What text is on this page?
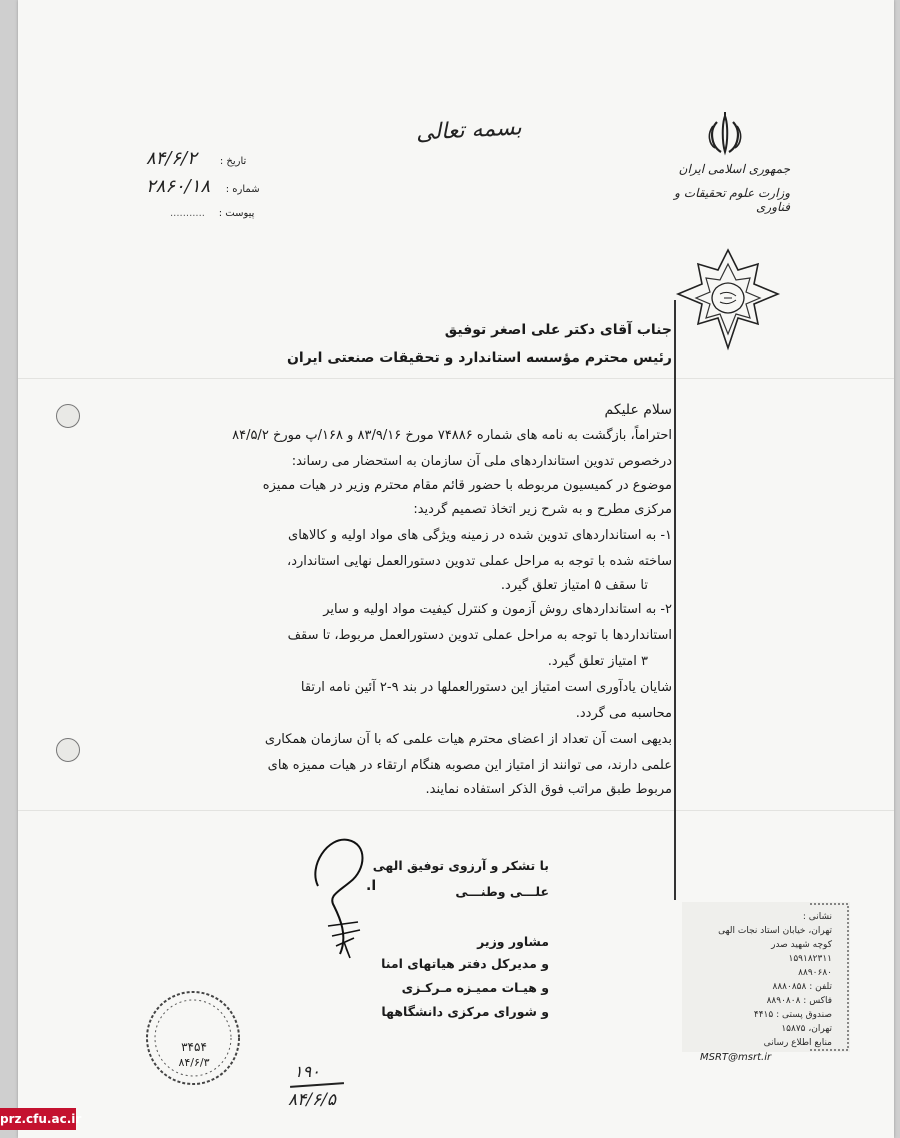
بسمه تعالی
جمهوری اسلامی ایران
وزارت علوم تحقیقات و فناوری
۸۴/۶/۲ تاریخ :
۲۸۶۰/۱۸ شماره :
........... پیوست :
جناب آقای دکتر علی اصغر توفیق
رئیس محترم مؤسسه استاندارد و تحقیقات صنعتی ایران
سلام علیکم
احتراماً، بازگشت به نامه های شماره ۷۴۸۸۶ مورخ ۸۳/۹/۱۶ و ۱۶۸/پ مورخ ۸۴/۵/۲
درخصوص تدوین استانداردهای ملی آن سازمان به استحضار می رساند:
موضوع در کمیسیون مربوطه با حضور قائم مقام محترم وزیر در هیات ممیزه
مرکزی مطرح و به شرح زیر اتخاذ تصمیم گردید:
۱- به استانداردهای تدوین شده در زمینه ویژگی های مواد اولیه و کالاهای
ساخته شده با توجه به مراحل عملی تدوین دستورالعمل نهایی استاندارد،
تا سقف ۵ امتیاز تعلق گیرد.
۲- به استانداردهای روش آزمون و کنترل کیفیت مواد اولیه و سایر
استانداردها با توجه به مراحل عملی تدوین دستورالعمل مربوط، تا سقف
۳ امتیاز تعلق گیرد.
شایان یادآوری است امتیاز این دستورالعملها در بند ۹-۲ آئین نامه ارتقا
محاسبه می گردد.
بدیهی است آن تعداد از اعضای محترم هیات علمی که با آن سازمان همکاری
علمی دارند، می توانند از امتیاز این مصوبه هنگام ارتقاء در هیات ممیزه های
مربوط طبق مراتب فوق الذکر استفاده نمایند.
با تشکر و آرزوی توفیق الهی
علـــی وطنـــی
مشاور وزیر
و مدیرکل دفتر هیاتهای امنا
و هیـات ممیـزه مـرکـزی
و شورای مرکزی دانشگاهها
ا.
۳۴۵۴
۸۴/۶/۳
نشانی :
تهران، خیابان استاد نجات الهی
کوچه شهید صدر
۱۵۹۱۸۲۳۱۱
۸۸۹۰۶۸۰
تلفن : ۸۸۸۰۸۵۸
فاکس : ۸۸۹۰۸۰۸
صندوق پستی : ۴۴۱۵
تهران، ۱۵۸۷۵
منابع اطلاع رسانی
MSRT@msrt.ir
۱۹۰
۸۴/۶/۵
prz.cfu.ac.ir
